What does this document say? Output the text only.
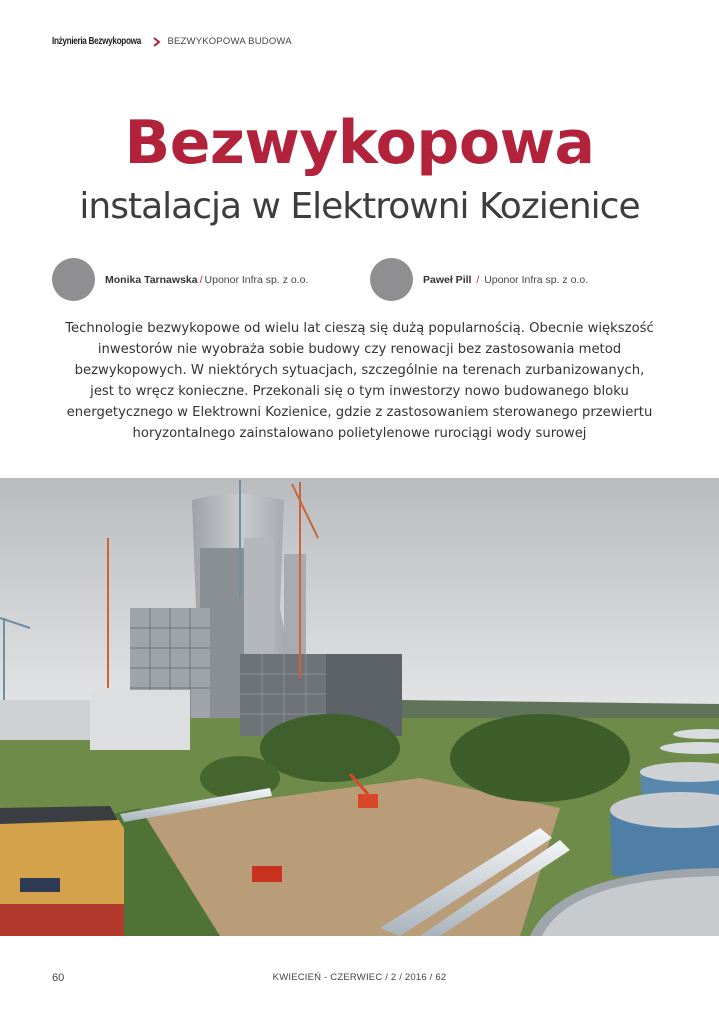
Inżynieria Bezwykopowa	BEZWYKOPOWA BUDOWA
Bezwykopowa
instalacja w Elektrowni Kozienice
Monika Tarnawska / Uponor Infra sp. z o.o.	Paweł Pill / Uponor Infra sp. z o.o.
Technologie bezwykopowe od wielu lat cieszą się dużą popularnością. Obecnie większość
inwestorów nie wyobraża sobie budowy czy renowacji bez zastosowania metod
bezwykopowych. W niektórych sytuacjach, szczególnie na terenach zurbanizowanych,
jest to wręcz konieczne. Przekonali się o tym inwestorzy nowo budowanego bloku
energetycznego w Elektrowni Kozienice, gdzie z zastosowaniem sterowanego przewiertu
horyzontalnego zainstalowano polietylenowe rurociągi wody surowej
60	KWIECIEŃ - CZERWIEC / 2 / 2016 / 62
